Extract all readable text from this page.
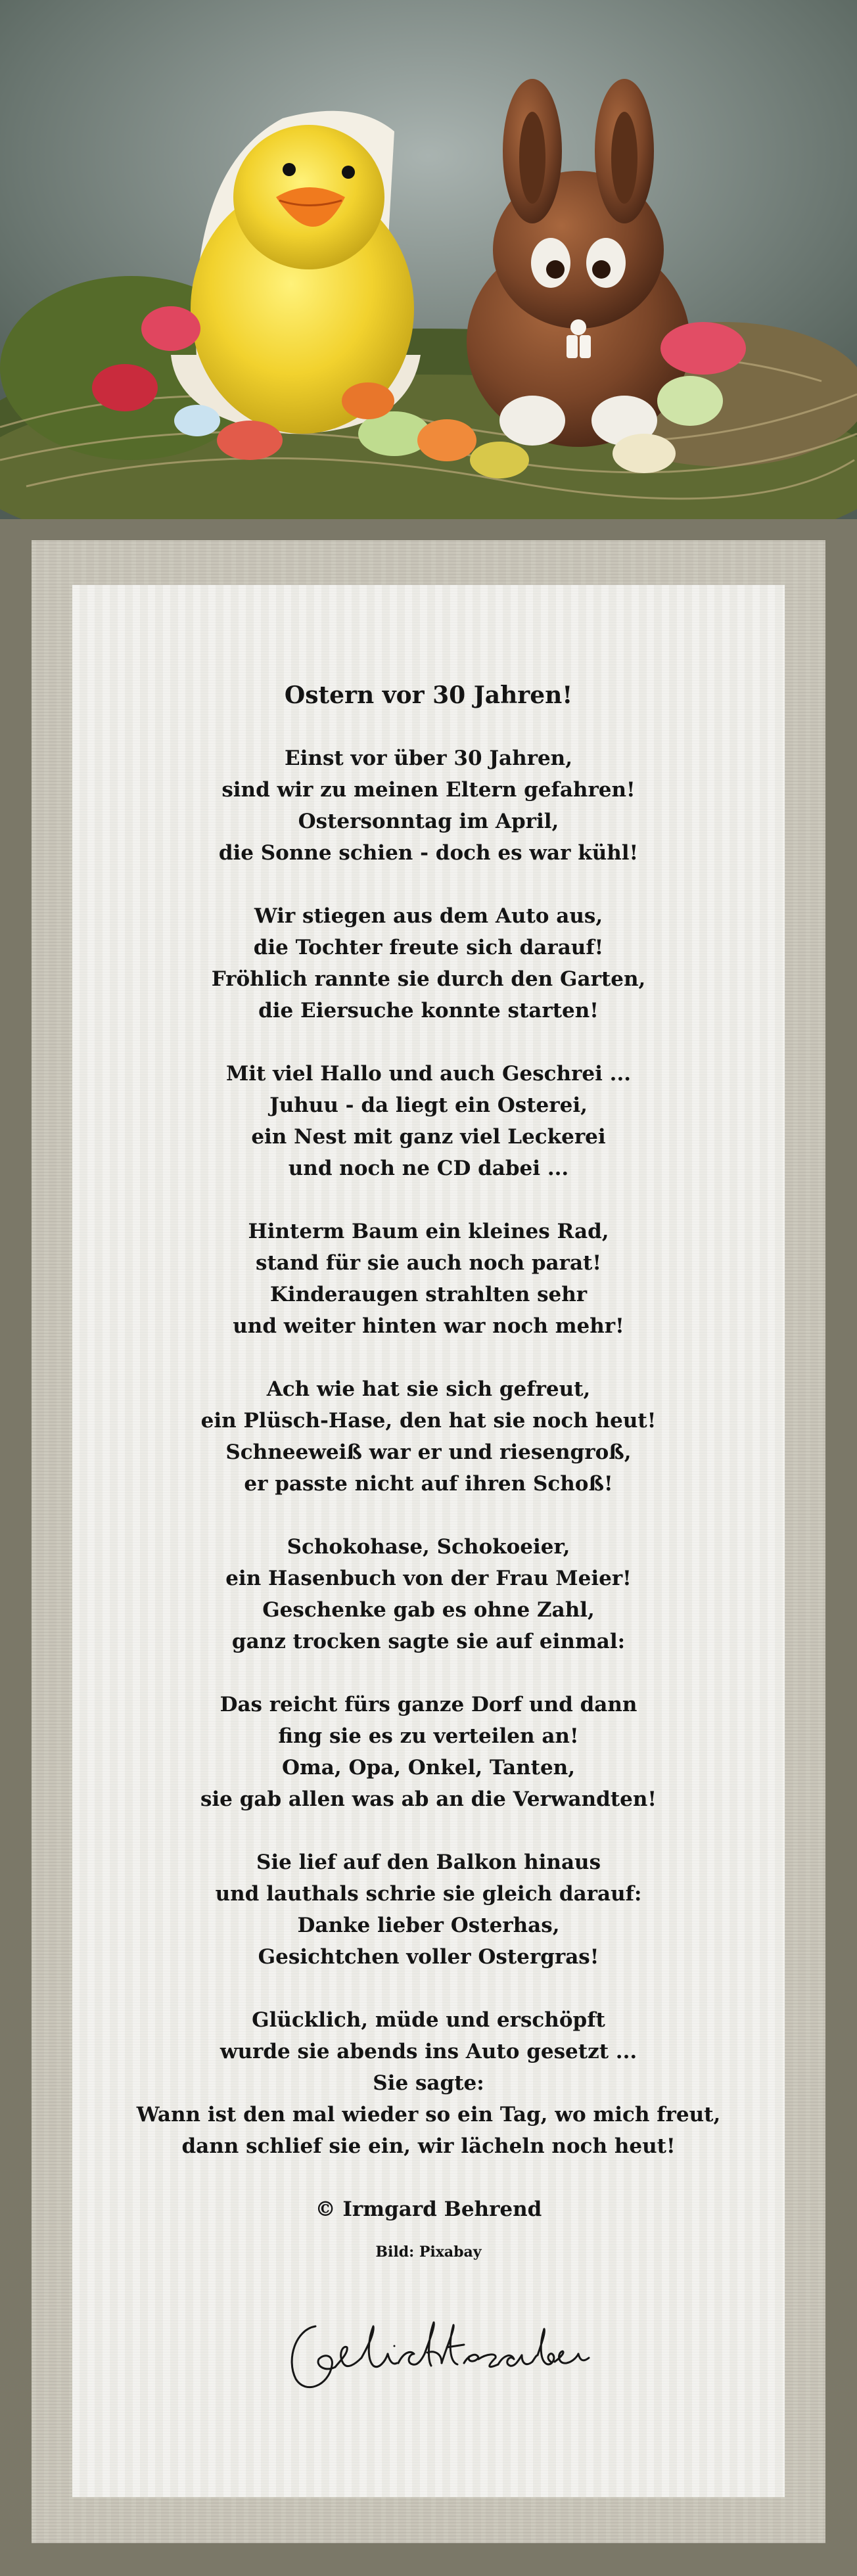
Ostern vor 30 Jahren!
Einst vor über 30 Jahren,
sind wir zu meinen Eltern gefahren!
Ostersonntag im April,
die Sonne schien - doch es war kühl!
Wir stiegen aus dem Auto aus,
die Tochter freute sich darauf!
Fröhlich rannte sie durch den Garten,
die Eiersuche konnte starten!
Mit viel Hallo und auch Geschrei ...
Juhuu - da liegt ein Osterei,
ein Nest mit ganz viel Leckerei
und noch ne CD dabei ...
Hinterm Baum ein kleines Rad,
stand für sie auch noch parat!
Kinderaugen strahlten sehr
und weiter hinten war noch mehr!
Ach wie hat sie sich gefreut,
ein Plüsch-Hase, den hat sie noch heut!
Schneeweiß war er und riesengroß,
er passte nicht auf ihren Schoß!
Schokohase, Schokoeier,
ein Hasenbuch von der Frau Meier!
Geschenke gab es ohne Zahl,
ganz trocken sagte sie auf einmal:
Das reicht fürs ganze Dorf und dann
fing sie es zu verteilen an!
Oma, Opa, Onkel, Tanten,
sie gab allen was ab an die Verwandten!
Sie lief auf den Balkon hinaus
und lauthals schrie sie gleich darauf:
Danke lieber Osterhas,
Gesichtchen voller Ostergras!
Glücklich, müde und erschöpft
wurde sie abends ins Auto gesetzt ...
Sie sagte:
Wann ist den mal wieder so ein Tag, wo mich freut,
dann schlief sie ein, wir lächeln noch heut!
© Irmgard Behrend
Bild: Pixabay
